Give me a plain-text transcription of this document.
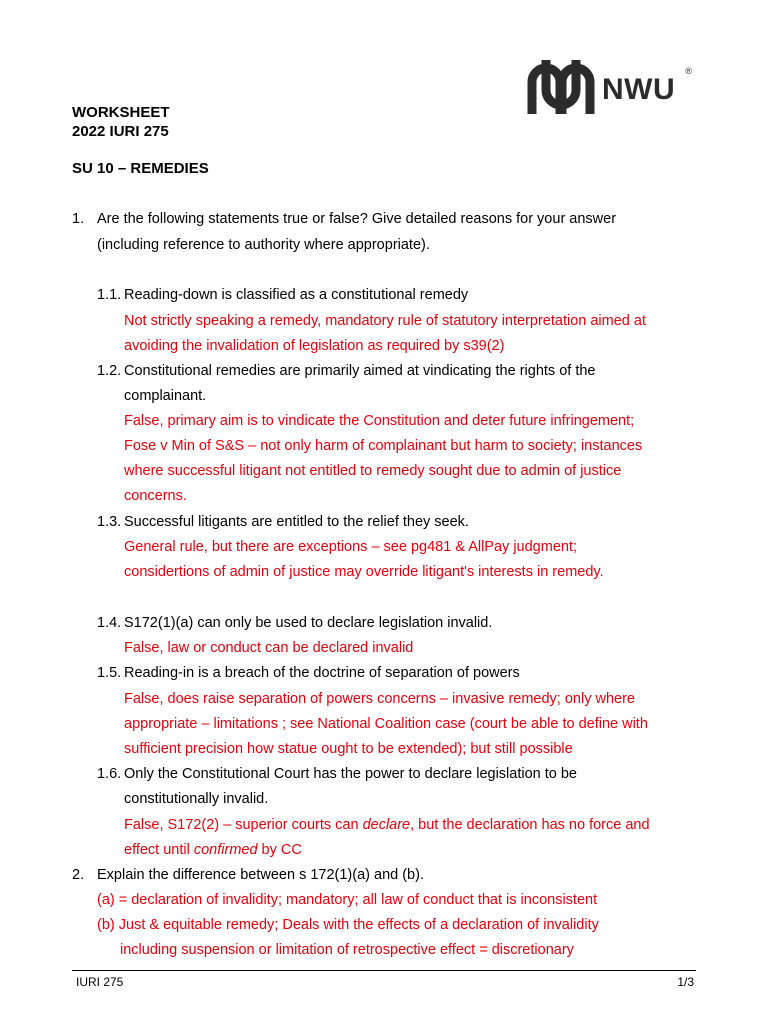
NWU
®
WORKSHEET
2022 IURI 275
SU 10 – REMEDIES
1. Are the following statements true or false? Give detailed reasons for your answer
(including reference to authority where appropriate).
1.1. Reading-down is classified as a constitutional remedy
Not strictly speaking a remedy, mandatory rule of statutory interpretation aimed at
avoiding the invalidation of legislation as required by s39(2)
1.2. Constitutional remedies are primarily aimed at vindicating the rights of the
complainant.
False, primary aim is to vindicate the Constitution and deter future infringement;
Fose v Min of S&S – not only harm of complainant but harm to society; instances
where successful litigant not entitled to remedy sought due to admin of justice
concerns.
1.3. Successful litigants are entitled to the relief they seek.
General rule, but there are exceptions – see pg481 & AllPay judgment;
considertions of admin of justice may override litigant's interests in remedy.
1.4. S172(1)(a) can only be used to declare legislation invalid.
False, law or conduct can be declared invalid
1.5. Reading-in is a breach of the doctrine of separation of powers
False, does raise separation of powers concerns – invasive remedy; only where
appropriate – limitations ; see National Coalition case (court be able to define with
sufficient precision how statue ought to be extended); but still possible
1.6. Only the Constitutional Court has the power to declare legislation to be
constitutionally invalid.
False, S172(2) – superior courts can declare, but the declaration has no force and
effect until confirmed by CC
2. Explain the difference between s 172(1)(a) and (b).
(a) = declaration of invalidity; mandatory; all law of conduct that is inconsistent
(b) Just & equitable remedy; Deals with the effects of a declaration of invalidity
including suspension or limitation of retrospective effect = discretionary
IURI 275	1/3
